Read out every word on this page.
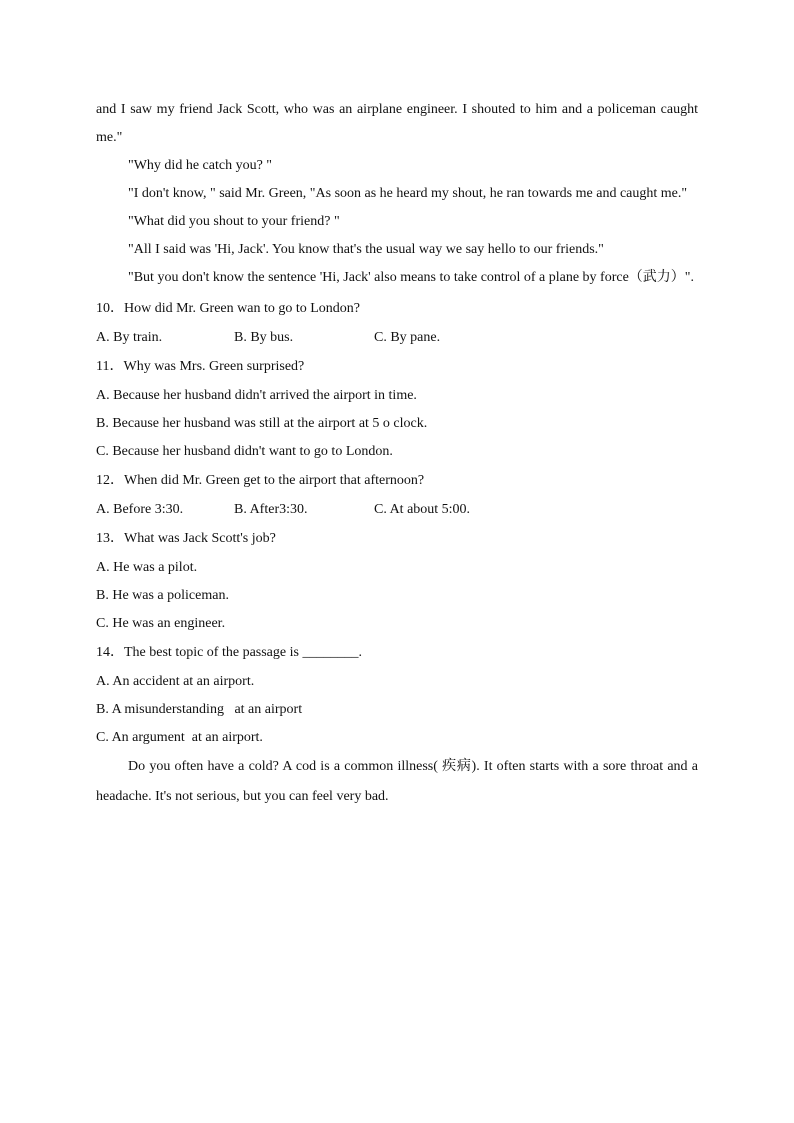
and I saw my friend Jack Scott, who was an airplane engineer. I shouted to him and a policeman caught me."

"Why did he catch you? "

"I don't know, " said Mr. Green, "As soon as he heard my shout, he ran towards me and caught me."

"What did you shout to your friend? "

"All I said was 'Hi, Jack'. You know that's the usual way we say hello to our friends."

"But you don't know the sentence 'Hi, Jack' also means to take control of a plane by force（武力）".

10．How did Mr. Green wan to go to London?

A. By train.	B. By bus.	C. By pane.

11．Why was Mrs. Green surprised?

A. Because her husband didn't arrived the airport in time.

B. Because her husband was still at the airport at 5 o clock.

C. Because her husband didn't want to go to London.

12．When did Mr. Green get to the airport that afternoon?

A. Before 3:30.	B. After3:30.	C. At about 5:00.

13．What was Jack Scott's job?

A. He was a pilot.

B. He was a policeman.

C. He was an engineer.

14．The best topic of the passage is ________.

A. An accident at an airport.

B. A misunderstanding   at an airport

C. An argument  at an airport.

Do you often have a cold? A cod is a common illness( 疾病). It often starts with a sore throat and a headache. It's not serious, but you can feel very bad.
